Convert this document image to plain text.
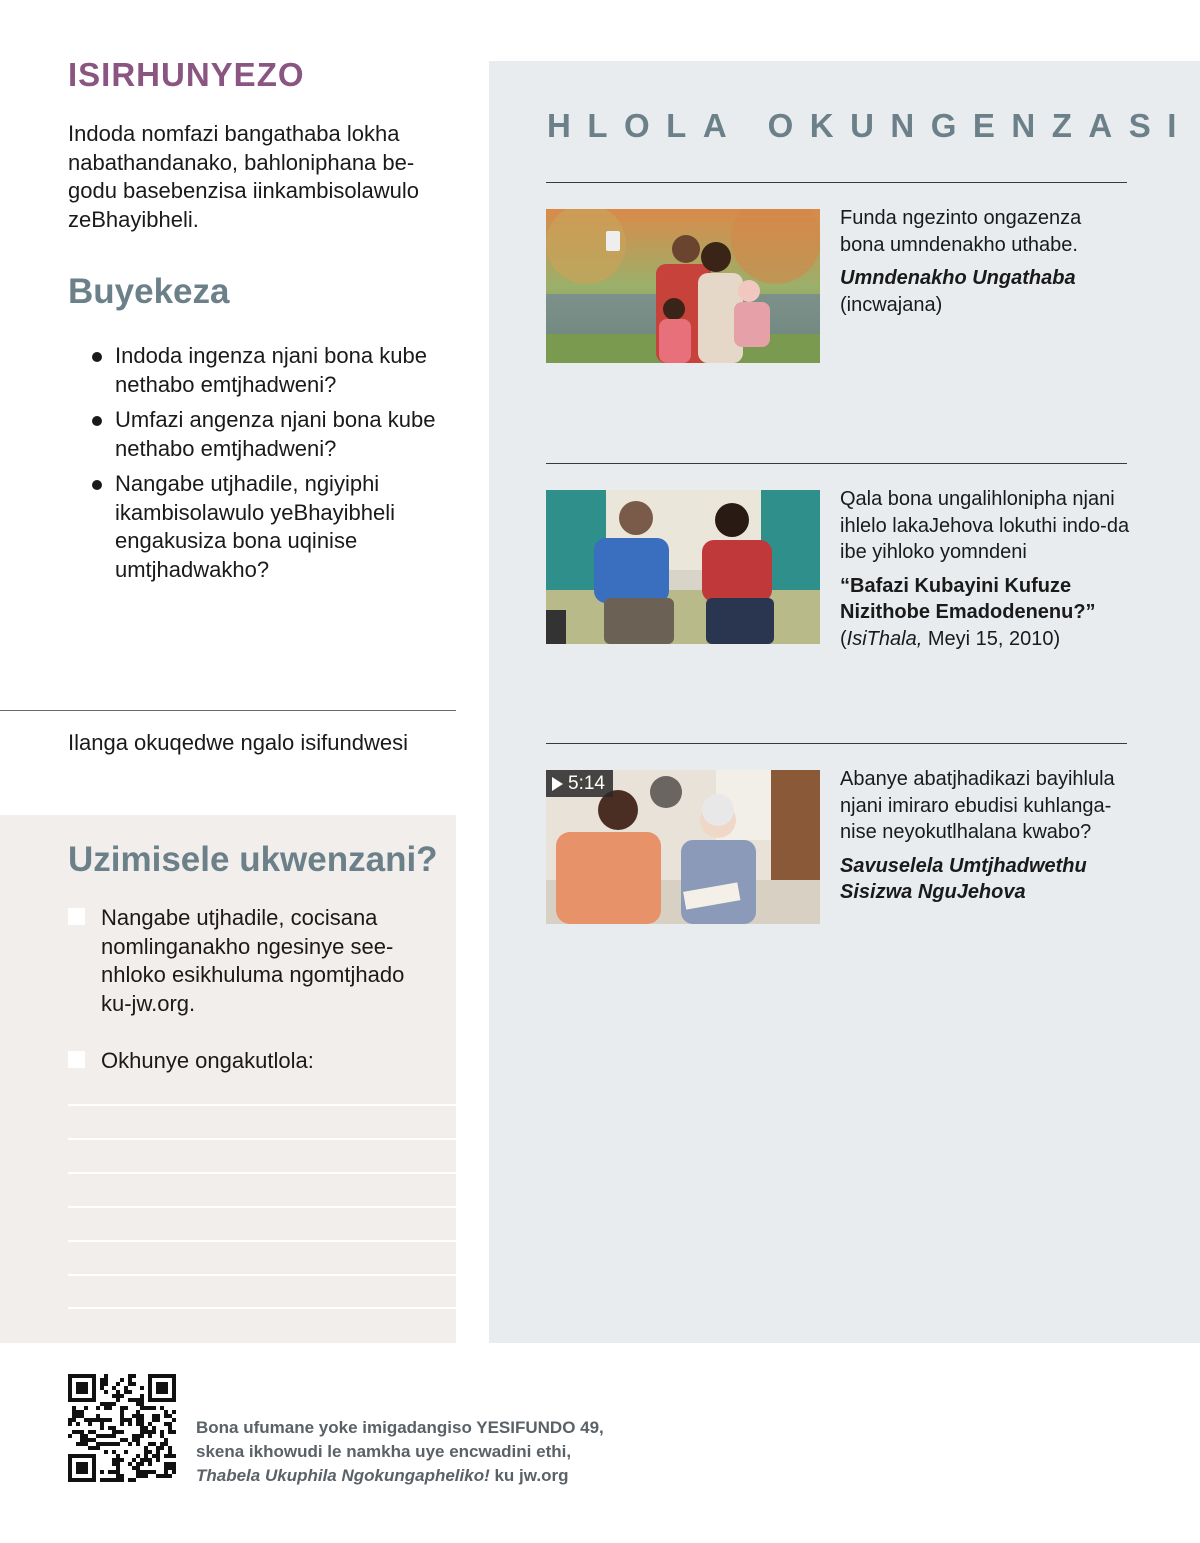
ISIRHUNYEZO

Indoda nomfazi bangathaba lokha nabathandanako, bahloniphana be-godu basebenzisa iinkambisolawulo zeBhayibheli.

Buyekeza
Indoda ingenza njani bona kube nethabo emtjhadweni?
Umfazi angenza njani bona kube nethabo emtjhadweni?
Nangabe utjhadile, ngiyiphi ikambisolawulo yeBhayibheli engakusiza bona uqinise umtjhadwakho?
Ilanga okuqedwe ngalo isifundwesi
Uzimisele ukwenzani?
Nangabe utjhadile, cocisana nomlinganakho ngesinye see-nhloko esikhuluma ngomtjhado ku-jw.org.
Okhunye ongakutlola:
HLOLA OKUNGENZASI
Funda ngezinto ongazenza bona umndenakho uthabe.
Umndenakho Ungathaba
(incwajana)
Qala bona ungalihlonipha njani ihlelo lakaJehova lokuthi indo-da ibe yihloko yomndeni
“Bafazi Kubayini Kufuze Nizithobe Emadodenenu?”
(IsiThala, Meyi 15, 2010)
5:14	Abanye abatjhadikazi bayihlula njani imiraro ebudisi kuhlanga-nise neyokutlhalana kwabo?
Savuselela Umtjhadwethu Sisizwa NguJehova
Bona ufumane yoke imigadangiso YESIFUNDO 49,
skena ikhowudi le namkha uye encwadini ethi,
Thabela Ukuphila Ngokungapheliko! ku jw.org
